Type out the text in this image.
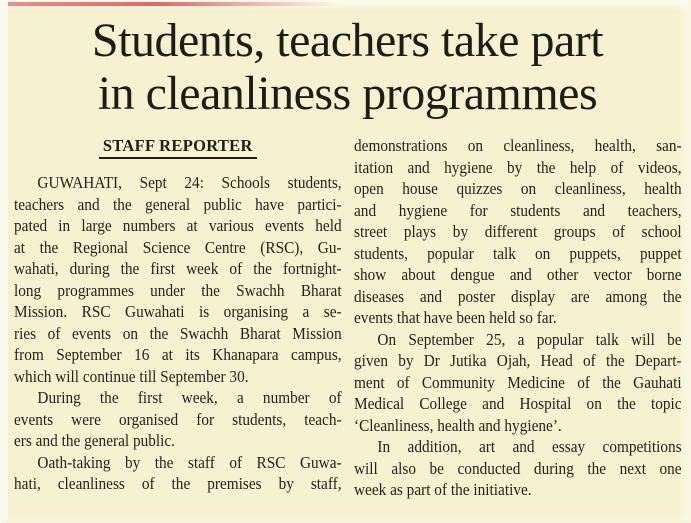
Students, teachers take part
in cleanliness programmes
STAFF REPORTER
GUWAHATI, Sept 24: Schools students,
teachers and the general public have partici-
pated in large numbers at various events held
at the Regional Science Centre (RSC), Gu-
wahati, during the first week of the fortnight-
long programmes under the Swachh Bharat
Mission. RSC Guwahati is organising a se-
ries of events on the Swachh Bharat Mission
from September 16 at its Khanapara campus,
which will continue till September 30.
During the first week, a number of
events were organised for students, teach-
ers and the general public.
Oath-taking by the staff of RSC Guwa-
hati, cleanliness of the premises by staff,
demonstrations on cleanliness, health, san-
itation and hygiene by the help of videos,
open house quizzes on cleanliness, health
and hygiene for students and teachers,
street plays by different groups of school
students, popular talk on puppets, puppet
show about dengue and other vector borne
diseases and poster display are among the
events that have been held so far.
On September 25, a popular talk will be
given by Dr Jutika Ojah, Head of the Depart-
ment of Community Medicine of the Gauhati
Medical College and Hospital on the topic
‘Cleanliness, health and hygiene’.
In addition, art and essay competitions
will also be conducted during the next one
week as part of the initiative.
